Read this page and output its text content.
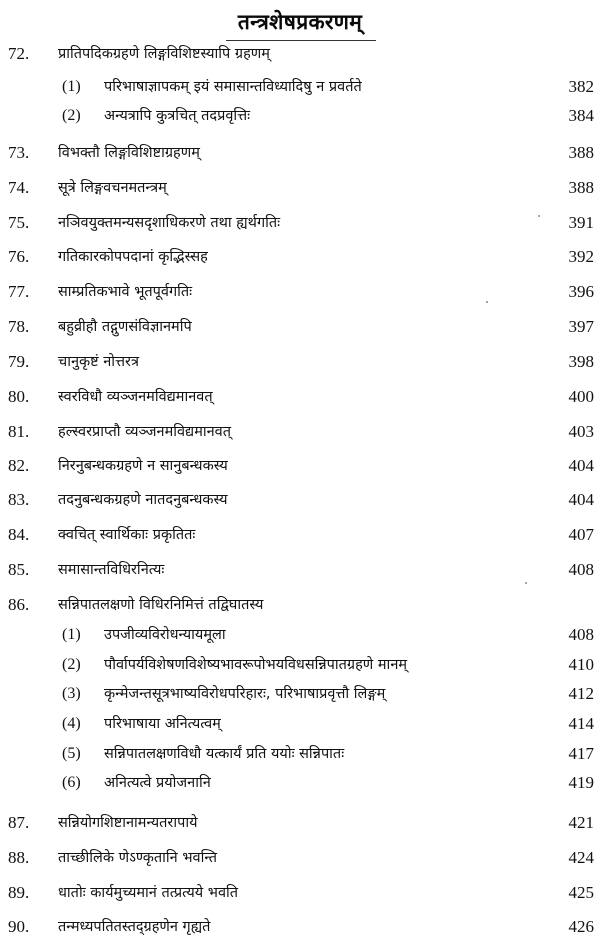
तन्त्रशेषप्रकरणम्
72.	प्रातिपदिकग्रहणे लिङ्गविशिष्टस्यापि ग्रहणम्
(1)	परिभाषाज्ञापकम् इयं समासान्तविध्यादिषु न प्रवर्तते	382
(2)	अन्यत्रापि कुत्रचित् तदप्रवृत्तिः	384
73.	विभक्तौ लिङ्गविशिष्टाग्रहणम्	388
74.	सूत्रे लिङ्गवचनमतन्त्रम्	388
75.	नञिवयुक्तमन्यसदृशाधिकरणे तथा ह्यर्थगतिः	391
76.	गतिकारकोपपदानां कृद्भिस्सह	392
77.	साम्प्रतिकभावे भूतपूर्वगतिः	396
78.	बहुव्रीहौ तद्गुणसंविज्ञानमपि	397
79.	चानुकृष्टं नोत्तरत्र	398
80.	स्वरविधौ व्यञ्जनमविद्यमानवत्	400
81.	हल्स्वरप्राप्तौ व्यञ्जनमविद्यमानवत्	403
82.	निरनुबन्धकग्रहणे न सानुबन्धकस्य	404
83.	तदनुबन्धकग्रहणे नातदनुबन्धकस्य	404
84.	क्वचित् स्वार्थिकाः प्रकृतितः	407
85.	समासान्तविधिरनित्यः	408
86.	सन्निपातलक्षणो विधिरनिमित्तं तद्विघातस्य
(1)	उपजीव्यविरोधन्यायमूला	408
(2)	पौर्वापर्यविशेषणविशेष्यभावरूपोभयविधसन्निपातग्रहणे मानम्	410
(3)	कृन्मेजन्तसूत्रभाष्यविरोधपरिहारः, परिभाषाप्रवृत्तौ लिङ्गम्	412
(4)	परिभाषाया अनित्यत्वम्	414
(5)	सन्निपातलक्षणविधौ यत्कार्यं प्रति ययोः सन्निपातः	417
(6)	अनित्यत्वे प्रयोजनानि	419
87.	सन्नियोगशिष्टानामन्यतरापाये	421
88.	ताच्छीलिके णेऽण्कृतानि भवन्ति	424
89.	धातोः कार्यमुच्यमानं तत्प्रत्यये भवति	425
90.	तन्मध्यपतितस्तद्ग्रहणेन गृह्यते	426
